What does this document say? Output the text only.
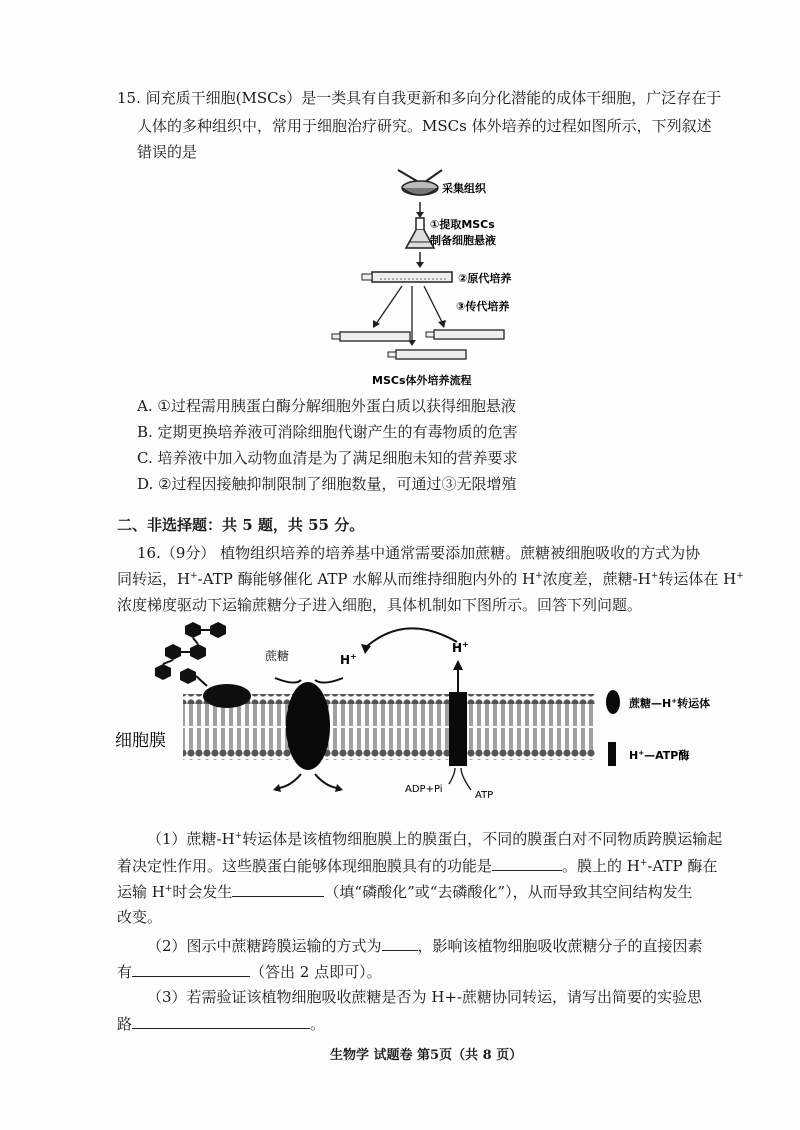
15. 间充质干细胞(MSCs）是一类具有自我更新和多向分化潜能的成体干细胞，广泛存在于
人体的多种组织中，常用于细胞治疗研究。MSCs 体外培养的过程如图所示，下列叙述
错误的是
采集组织
①提取MSCs
制备细胞悬液
②原代培养
③传代培养
MSCs体外培养流程
A. ①过程需用胰蛋白酶分解细胞外蛋白质以获得细胞悬液
B. 定期更换培养液可消除细胞代谢产生的有毒物质的危害
C. 培养液中加入动物血清是为了满足细胞未知的营养要求
D. ②过程因接触抑制限制了细胞数量，可通过③无限增殖
二、非选择题：共 5 题，共 55 分。
16.（9分） 植物组织培养的培养基中通常需要添加蔗糖。蔗糖被细胞吸收的方式为协
同转运，H+-ATP 酶能够催化 ATP 水解从而维持细胞内外的 H+浓度差，蔗糖-H+转运体在 H+
浓度梯度驱动下运输蔗糖分子进入细胞，具体机制如下图所示。回答下列问题。
细胞膜
蔗糖	H+
H+
ADP+Pi
ATP
蔗糖—H+转运体
H+—ATP酶
（1）蔗糖-H+转运体是该植物细胞膜上的膜蛋白，不同的膜蛋白对不同物质跨膜运输起
着决定性作用。这些膜蛋白能够体现细胞膜具有的功能是	。膜上的 H+-ATP 酶在
运输 H+时会发生	（填“磷酸化”或“去磷酸化”），从而导致其空间结构发生
改变。
（2）图示中蔗糖跨膜运输的方式为 ，影响该植物细胞吸收蔗糖分子的直接因素
有	（答出 2 点即可）。
（3）若需验证该植物细胞吸收蔗糖是否为 H+-蔗糖协同转运，请写出简要的实验思
路	。
生物学 试题卷 第5页（共 8 页）
